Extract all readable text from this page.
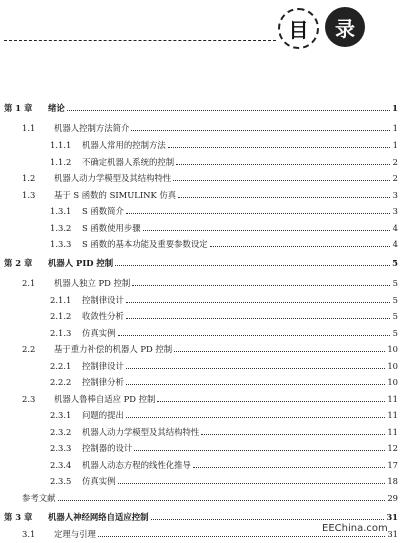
目 录
第 1 章	绪论	1
1.1	机器人控制方法简介	1
1.1.1	机器人常用的控制方法	1
1.1.2	不确定机器人系统的控制	2
1.2	机器人动力学模型及其结构特性	2
1.3	基于 S 函数的 SIMULINK 仿真	3
1.3.1	S 函数简介	3
1.3.2	S 函数使用步骤	4
1.3.3	S 函数的基本功能及重要参数设定	4
第 2 章	机器人 PID 控制	5
2.1	机器人独立 PD 控制	5
2.1.1	控制律设计	5
2.1.2	收敛性分析	5
2.1.3	仿真实例	5
2.2	基于重力补偿的机器人 PD 控制	10
2.2.1	控制律设计	10
2.2.2	控制律分析	10
2.3	机器人鲁棒自适应 PD 控制	11
2.3.1	问题的提出	11
2.3.2	机器人动力学模型及其结构特性	11
2.3.3	控制器的设计	12
2.3.4	机器人动态方程的线性化推导	17
2.3.5	仿真实例	18
参考文献	29
第 3 章	机器人神经网络自适应控制	31
3.1	定理与引理	31
EEChina.com
